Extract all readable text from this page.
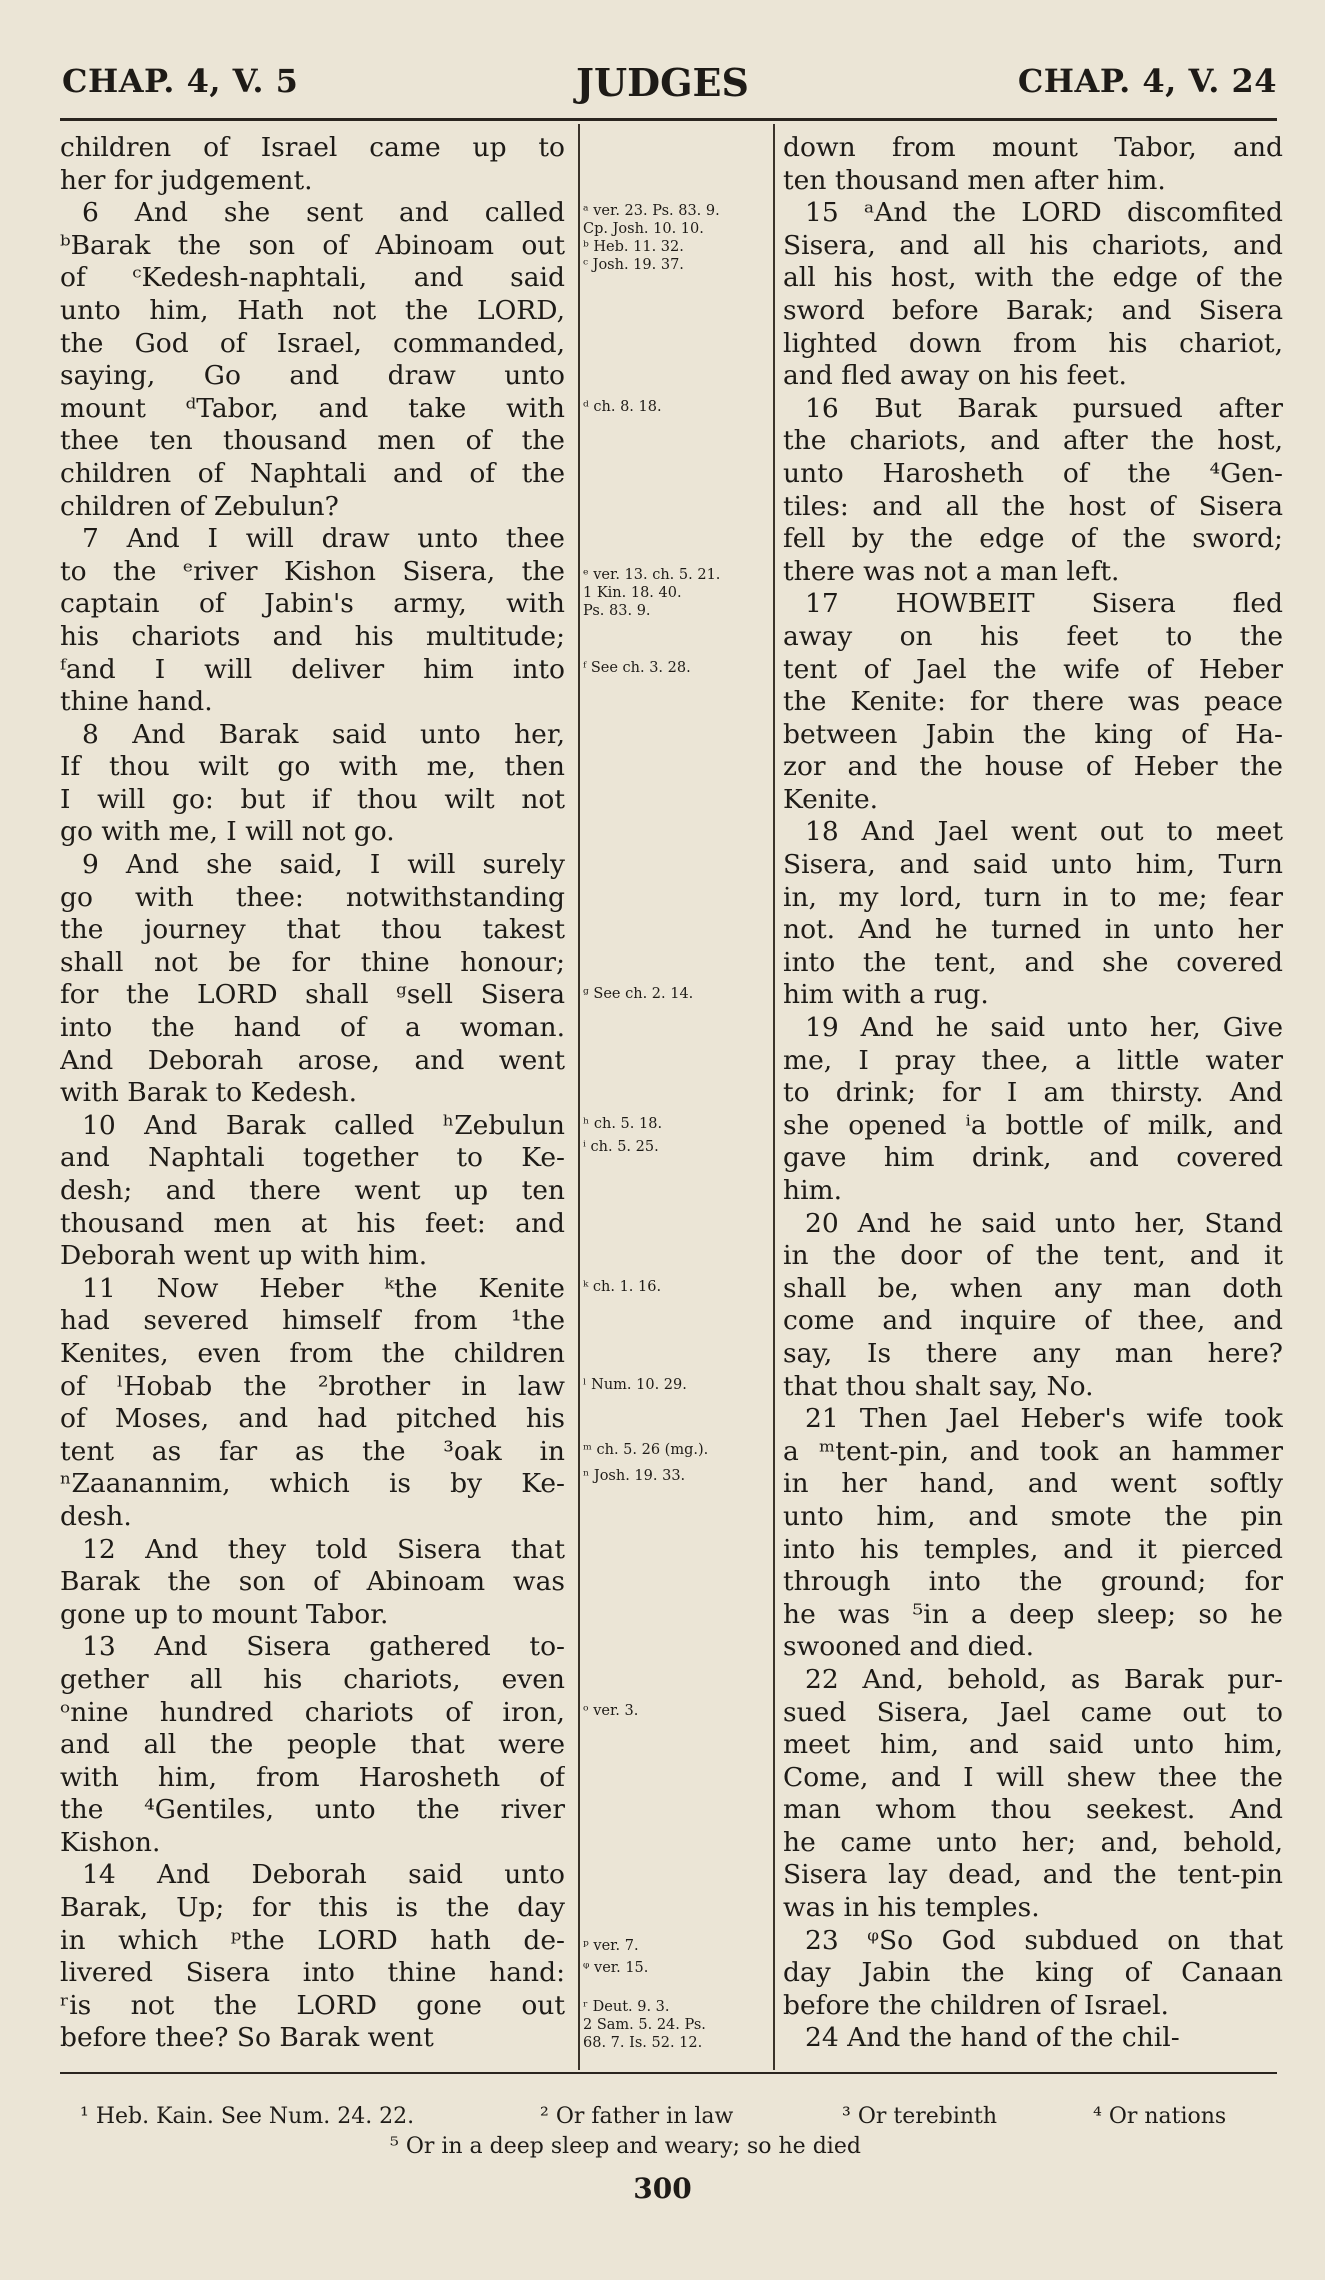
CHAP. 4, V. 5	JUDGES	CHAP. 4, V. 24
children of Israel came up to
her for judgement.
6 And she sent and called
ᵇBarak the son of Abinoam out
of ᶜKedesh-naphtali, and said
unto him, Hath not the LORD,
the God of Israel, commanded,
saying, Go and draw unto
mount ᵈTabor, and take with
thee ten thousand men of the
children of Naphtali and of the
children of Zebulun?
7 And I will draw unto thee
to the ᵉriver Kishon Sisera, the
captain of Jabin's army, with
his chariots and his multitude;
ᶠand I will deliver him into
thine hand.
8 And Barak said unto her,
If thou wilt go with me, then
I will go: but if thou wilt not
go with me, I will not go.
9 And she said, I will surely
go with thee: notwithstanding
the journey that thou takest
shall not be for thine honour;
for the LORD shall ᵍsell Sisera
into the hand of a woman.
And Deborah arose, and went
with Barak to Kedesh.
10 And Barak called ʰZebulun
and Naphtali together to Ke-
desh; and there went up ten
thousand men at his feet: and
Deborah went up with him.
11 Now Heber ᵏthe Kenite
had severed himself from ¹the
Kenites, even from the children
of ˡHobab the ²brother in law
of Moses, and had pitched his
tent as far as the ³oak in
ⁿZaanannim, which is by Ke-
desh.
12 And they told Sisera that
Barak the son of Abinoam was
gone up to mount Tabor.
13 And Sisera gathered to-
gether all his chariots, even
ᵒnine hundred chariots of iron,
and all the people that were
with him, from Harosheth of
the ⁴Gentiles, unto the river
Kishon.
14 And Deborah said unto
Barak, Up; for this is the day
in which ᵖthe LORD hath de-
livered Sisera into thine hand:
ʳis not the LORD gone out
before thee? So Barak went
ᵃ ver. 23. Ps. 83. 9.
Cp. Josh. 10. 10.
ᵇ Heb. 11. 32.
ᶜ Josh. 19. 37.
ᵈ ch. 8. 18.
ᵉ ver. 13. ch. 5. 21.
1 Kin. 18. 40.
Ps. 83. 9.
ᶠ See ch. 3. 28.
ᵍ See ch. 2. 14.
ʰ ch. 5. 18.
ⁱ ch. 5. 25.
ᵏ ch. 1. 16.
ˡ Num. 10. 29.
ᵐ ch. 5. 26 (mg.).
ⁿ Josh. 19. 33.
ᵒ ver. 3.
ᵖ ver. 7.
ᵠ ver. 15.
ʳ Deut. 9. 3.
2 Sam. 5. 24. Ps.
68. 7. Is. 52. 12.
down from mount Tabor, and
ten thousand men after him.
15 ᵃAnd the LORD discomfited
Sisera, and all his chariots, and
all his host, with the edge of the
sword before Barak; and Sisera
lighted down from his chariot,
and fled away on his feet.
16 But Barak pursued after
the chariots, and after the host,
unto Harosheth of the ⁴Gen-
tiles: and all the host of Sisera
fell by the edge of the sword;
there was not a man left.
17 HOWBEIT Sisera fled
away on his feet to the
tent of Jael the wife of Heber
the Kenite: for there was peace
between Jabin the king of Ha-
zor and the house of Heber the
Kenite.
18 And Jael went out to meet
Sisera, and said unto him, Turn
in, my lord, turn in to me; fear
not. And he turned in unto her
into the tent, and she covered
him with a rug.
19 And he said unto her, Give
me, I pray thee, a little water
to drink; for I am thirsty. And
she opened ⁱa bottle of milk, and
gave him drink, and covered
him.
20 And he said unto her, Stand
in the door of the tent, and it
shall be, when any man doth
come and inquire of thee, and
say, Is there any man here?
that thou shalt say, No.
21 Then Jael Heber's wife took
a ᵐtent-pin, and took an hammer
in her hand, and went softly
unto him, and smote the pin
into his temples, and it pierced
through into the ground; for
he was ⁵in a deep sleep; so he
swooned and died.
22 And, behold, as Barak pur-
sued Sisera, Jael came out to
meet him, and said unto him,
Come, and I will shew thee the
man whom thou seekest. And
he came unto her; and, behold,
Sisera lay dead, and the tent-pin
was in his temples.
23 ᵠSo God subdued on that
day Jabin the king of Canaan
before the children of Israel.
24 And the hand of the chil-
¹ Heb. Kain. See Num. 24. 22.	² Or father in law	³ Or terebinth	⁴ Or nations
⁵ Or in a deep sleep and weary; so he died
300
